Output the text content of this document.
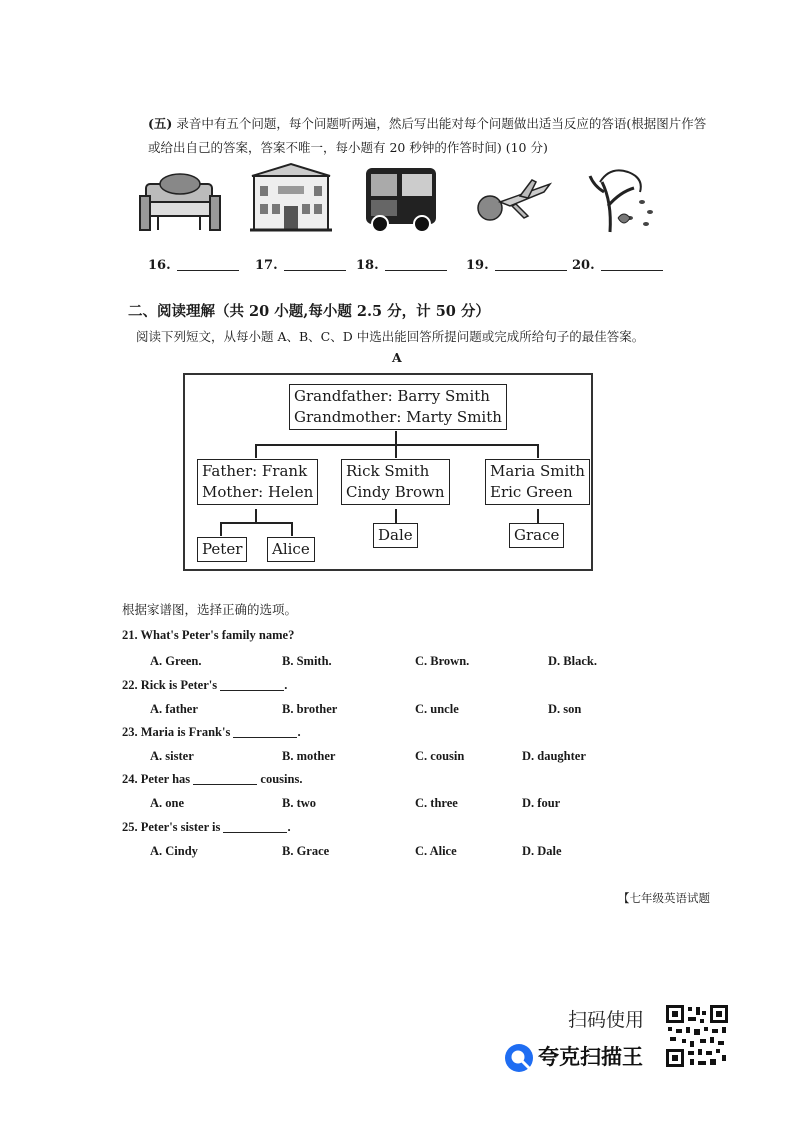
(五) 录音中有五个问题，每个问题听两遍，然后写出能对每个问题做出适当反应的答语(根据图片作答或给出自己的答案，答案不唯一，每小题有 20 秒钟的作答时间) (10 分)
16.	17.	18.	19.	20.
二、阅读理解（共 20 小题,每小题 2.5 分，计 50 分）
阅读下列短文，从每小题 A、B、C、D 中选出能回答所提问题或完成所给句子的最佳答案。
A
Grandfather: Barry Smith
Grandmother: Marty Smith
Father: Frank
Mother: Helen
Rick Smith
Cindy Brown
Maria Smith
Eric Green
Peter	Alice
Dale	Grace
根据家谱图，选择正确的选项。
21. What's Peter's family name?
A. Green.	B. Smith.	C. Brown.	D. Black.
22. Rick is Peter's	.
A. father	B. brother	C. uncle	D. son
23. Maria is Frank's	.
A. sister	B. mother	C. cousin	D. daughter
24. Peter has	cousins.
A. one	B. two	C. three	D. four
25. Peter's sister is	.
A. Cindy	B. Grace	C. Alice	D. Dale
【七年级英语试题
扫码使用
夸克扫描王
